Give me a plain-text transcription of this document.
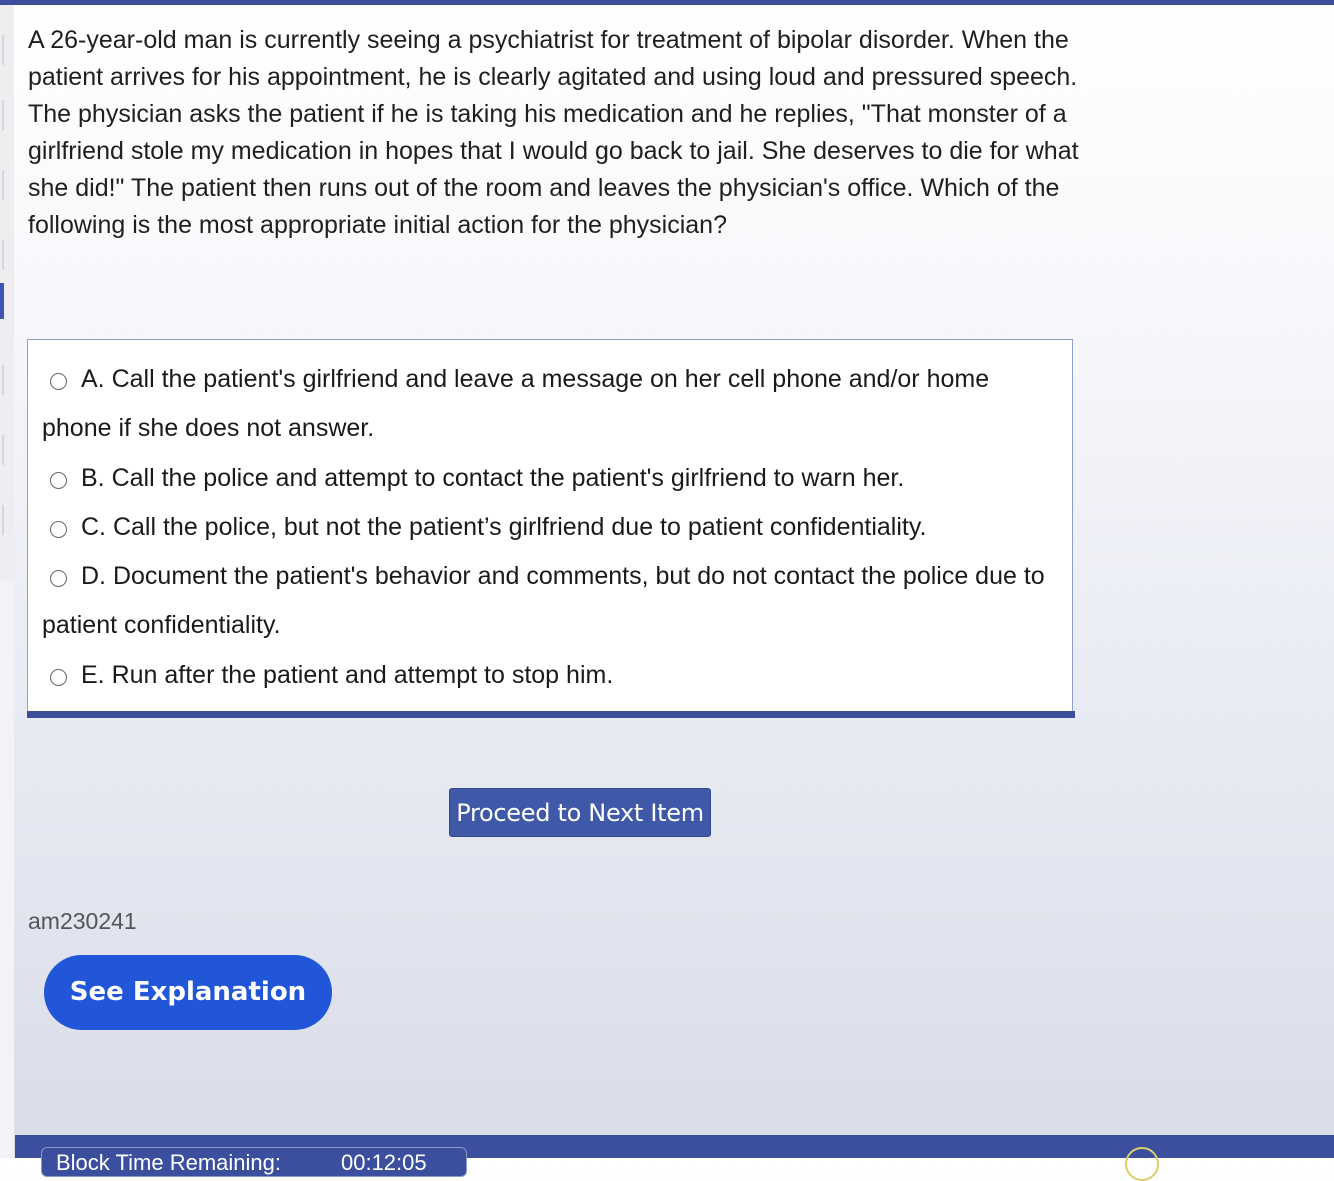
A 26-year-old man is currently seeing a psychiatrist for treatment of bipolar disorder. When the patient arrives for his appointment, he is clearly agitated and using loud and pressured speech. The physician asks the patient if he is taking his medication and he replies, "That monster of a girlfriend stole my medication in hopes that I would go back to jail. She deserves to die for what she did!" The patient then runs out of the room and leaves the physician's office. Which of the following is the most appropriate initial action for the physician?

A. Call the patient's girlfriend and leave a message on her cell phone and/or home phone if she does not answer.
B. Call the police and attempt to contact the patient's girlfriend to warn her.
C. Call the police, but not the patient’s girlfriend due to patient confidentiality.
D. Document the patient's behavior and comments, but do not contact the police due to patient confidentiality.
E. Run after the patient and attempt to stop him.
Proceed to Next Item
am230241
See Explanation
Block Time Remaining:	00:12:05
